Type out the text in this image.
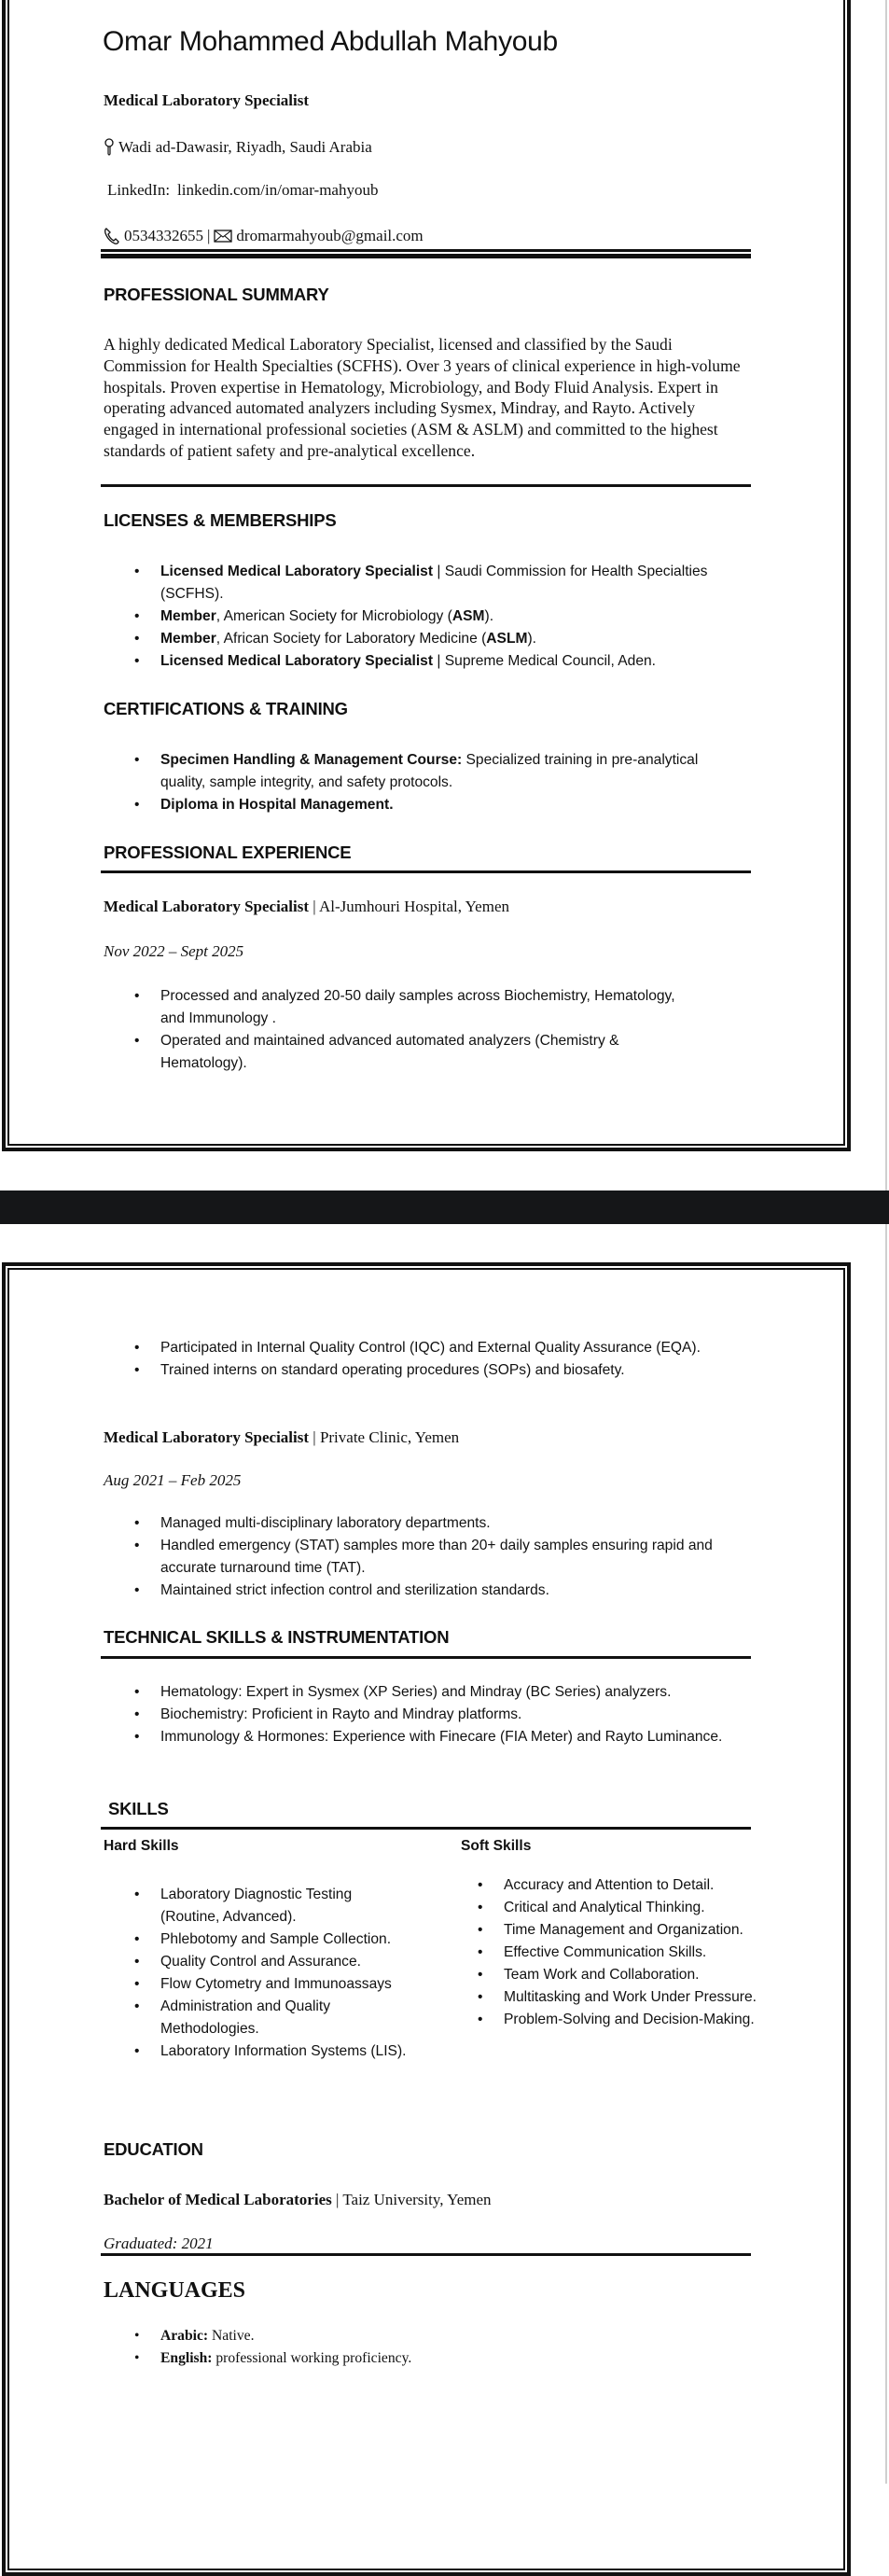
Omar Mohammed Abdullah Mahyoub
Medical Laboratory Specialist
Wadi ad-Dawasir, Riyadh, Saudi Arabia
LinkedIn: linkedin.com/in/omar-mahyoub
0534332655 | dromarmahyoub@gmail.com
PROFESSIONAL SUMMARY
A highly dedicated Medical Laboratory Specialist, licensed and classified by the Saudi Commission for Health Specialties (SCFHS). Over 3 years of clinical experience in high-volume hospitals. Proven expertise in Hematology, Microbiology, and Body Fluid Analysis. Expert in operating advanced automated analyzers including Sysmex, Mindray, and Rayto. Actively engaged in international professional societies (ASM & ASLM) and committed to the highest standards of patient safety and pre-analytical excellence.
LICENSES & MEMBERSHIPS
• Licensed Medical Laboratory Specialist | Saudi Commission for Health Specialties (SCFHS).
• Member, American Society for Microbiology (ASM).
• Member, African Society for Laboratory Medicine (ASLM).
• Licensed Medical Laboratory Specialist | Supreme Medical Council, Aden.
CERTIFICATIONS & TRAINING
• Specimen Handling & Management Course: Specialized training in pre-analytical quality, sample integrity, and safety protocols.
• Diploma in Hospital Management.
PROFESSIONAL EXPERIENCE
Medical Laboratory Specialist | Al-Jumhouri Hospital, Yemen
Nov 2022 – Sept 2025
• Processed and analyzed 20-50 daily samples across Biochemistry, Hematology, and Immunology .
• Operated and maintained advanced automated analyzers (Chemistry & Hematology).
• Participated in Internal Quality Control (IQC) and External Quality Assurance (EQA).
• Trained interns on standard operating procedures (SOPs) and biosafety.
Medical Laboratory Specialist | Private Clinic, Yemen
Aug 2021 – Feb 2025
• Managed multi-disciplinary laboratory departments.
• Handled emergency (STAT) samples more than 20+ daily samples ensuring rapid and accurate turnaround time (TAT).
• Maintained strict infection control and sterilization standards.
TECHNICAL SKILLS & INSTRUMENTATION
• Hematology: Expert in Sysmex (XP Series) and Mindray (BC Series) analyzers.
• Biochemistry: Proficient in Rayto and Mindray platforms.
• Immunology & Hormones: Experience with Finecare (FIA Meter) and Rayto Luminance.
SKILLS
Hard Skills	Soft Skills
• Laboratory Diagnostic Testing (Routine, Advanced).
• Phlebotomy and Sample Collection.
• Quality Control and Assurance.
• Flow Cytometry and Immunoassays
• Administration and Quality Methodologies.
• Laboratory Information Systems (LIS).
• Accuracy and Attention to Detail.
• Critical and Analytical Thinking.
• Time Management and Organization.
• Effective Communication Skills.
• Team Work and Collaboration.
• Multitasking and Work Under Pressure.
• Problem-Solving and Decision-Making.
EDUCATION
Bachelor of Medical Laboratories | Taiz University, Yemen
Graduated: 2021
LANGUAGES
• Arabic: Native.
• English: professional working proficiency.
